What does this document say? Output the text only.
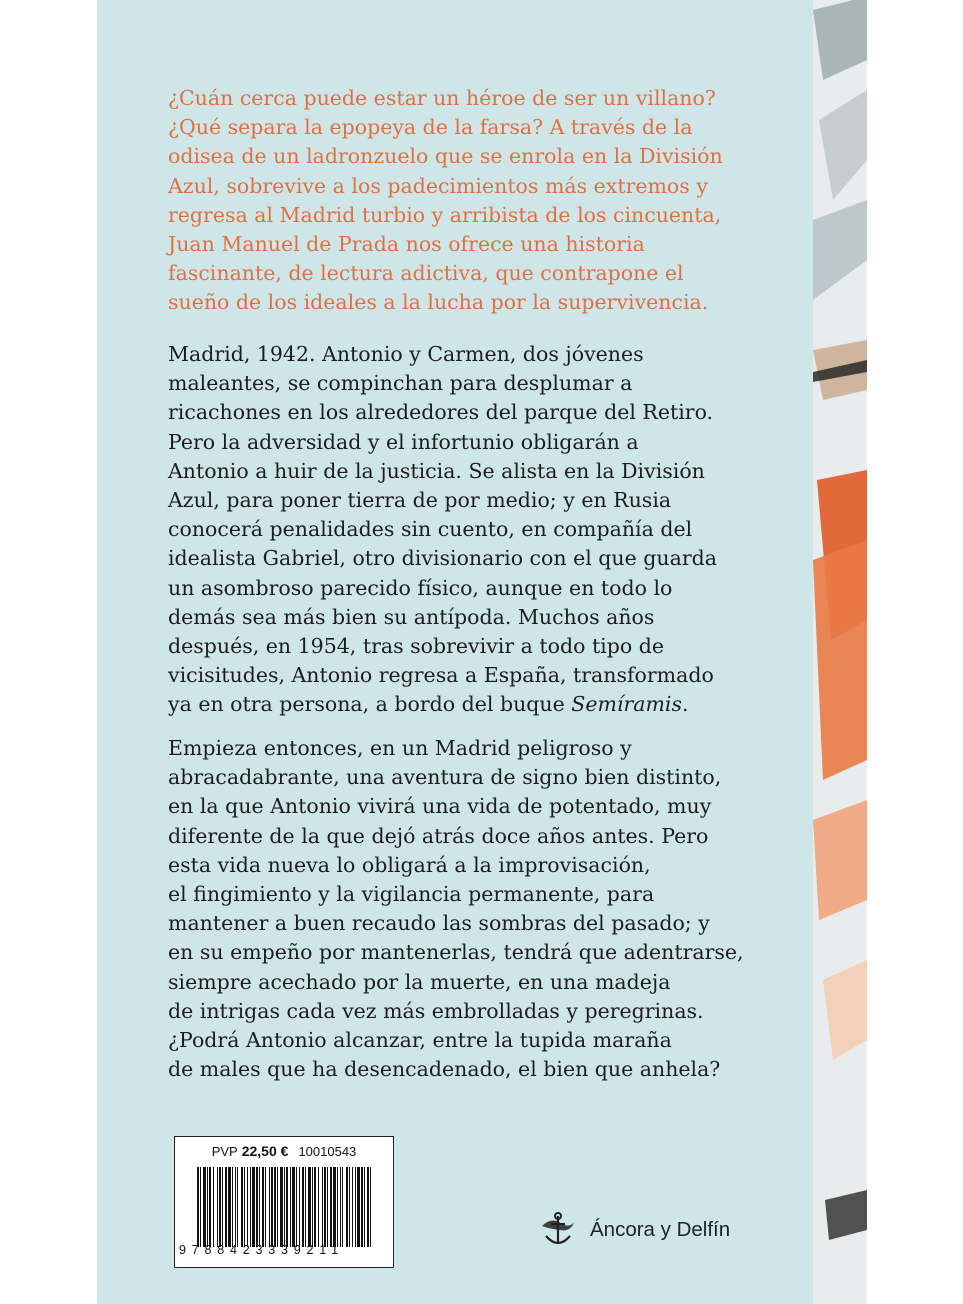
¿Cuán cerca puede estar un héroe de ser un villano?
¿Qué separa la epopeya de la farsa? A través de la
odisea de un ladronzuelo que se enrola en la División
Azul, sobrevive a los padecimientos más extremos y
regresa al Madrid turbio y arribista de los cincuenta,
Juan Manuel de Prada nos ofrece una historia
fascinante, de lectura adictiva, que contrapone el
sueño de los ideales a la lucha por la supervivencia.

Madrid, 1942. Antonio y Carmen, dos jóvenes
maleantes, se compinchan para desplumar a
ricachones en los alrededores del parque del Retiro.
Pero la adversidad y el infortunio obligarán a
Antonio a huir de la justicia. Se alista en la División
Azul, para poner tierra de por medio; y en Rusia
conocerá penalidades sin cuento, en compañía del
idealista Gabriel, otro divisionario con el que guarda
un asombroso parecido físico, aunque en todo lo
demás sea más bien su antípoda. Muchos años
después, en 1954, tras sobrevivir a todo tipo de
vicisitudes, Antonio regresa a España, transformado
ya en otra persona, a bordo del buque Semíramis.

Empieza entonces, en un Madrid peligroso y
abracadabrante, una aventura de signo bien distinto,
en la que Antonio vivirá una vida de potentado, muy
diferente de la que dejó atrás doce años antes. Pero
esta vida nueva lo obligará a la improvisación,
el fingimiento y la vigilancia permanente, para
mantener a buen recaudo las sombras del pasado; y
en su empeño por mantenerlas, tendrá que adentrarse,
siempre acechado por la muerte, en una madeja
de intrigas cada vez más embrolladas y peregrinas.
¿Podrá Antonio alcanzar, entre la tupida maraña
de males que ha desencadenado, el bien que anhela?

PVP 22,50 € 10010543
9788423339211
Áncora y Delfín
